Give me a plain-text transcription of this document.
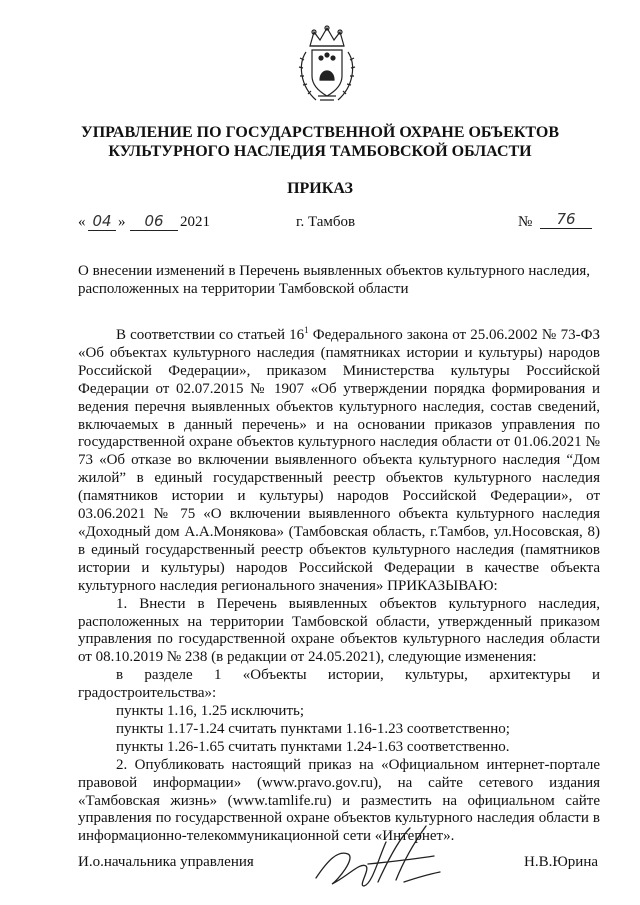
УПРАВЛЕНИЕ ПО ГОСУДАРСТВЕННОЙ ОХРАНЕ ОБЪЕКТОВ
КУЛЬТУРНОГО НАСЛЕДИЯ ТАМБОВСКОЙ ОБЛАСТИ
ПРИКАЗ
« 04 »	06	2021	г. Тамбов	№	76
О внесении изменений в Перечень выявленных объектов культурного наследия, расположенных на территории Тамбовской области

В соответствии со статьей $16^1$ Федерального закона от 25.06.2002 № 73-ФЗ «Об объектах культурного наследия (памятниках истории и культуры) народов Российской Федерации», приказом Министерства культуры Российской Федерации от 02.07.2015 № 1907 «Об утверждении порядка формирования и ведения перечня выявленных объектов культурного наследия, состав сведений, включаемых в данный перечень» и на основании приказов управления по государственной охране объектов культурного наследия области от 01.06.2021 № 73 «Об отказе во включении выявленного объекта культурного наследия “Дом жилой” в единый государственный реестр объектов культурного наследия (памятников истории и культуры) народов Российской Федерации», от 03.06.2021 № 75 «О включении выявленного объекта культурного наследия «Доходный дом А.А.Монякова» (Тамбовская область, г.Тамбов, ул.Носовская, 8) в единый государственный реестр объектов культурного наследия (памятников истории и культуры) народов Российской Федерации в качестве объекта культурного наследия регионального значения» ПРИКАЗЫВАЮ:

1. Внести в Перечень выявленных объектов культурного наследия, расположенных на территории Тамбовской области, утвержденный приказом управления по государственной охране объектов культурного наследия области от 08.10.2019 № 238 (в редакции от 24.05.2021), следующие изменения:

в разделе 1 «Объекты истории, культуры, архитектуры и градостроительства»:

пункты 1.16, 1.25 исключить;

пункты 1.17-1.24 считать пунктами 1.16-1.23 соответственно;

пункты 1.26-1.65 считать пунктами 1.24-1.63 соответственно.

2. Опубликовать настоящий приказ на «Официальном интернет-портале правовой информации» (www.pravo.gov.ru), на сайте сетевого издания «Тамбовская жизнь» (www.tamlife.ru) и разместить на официальном сайте управления по государственной охране объектов культурного наследия области в информационно-телекоммуникационной сети «Интернет».

И.о.начальника управления	Н.В.Юрина
